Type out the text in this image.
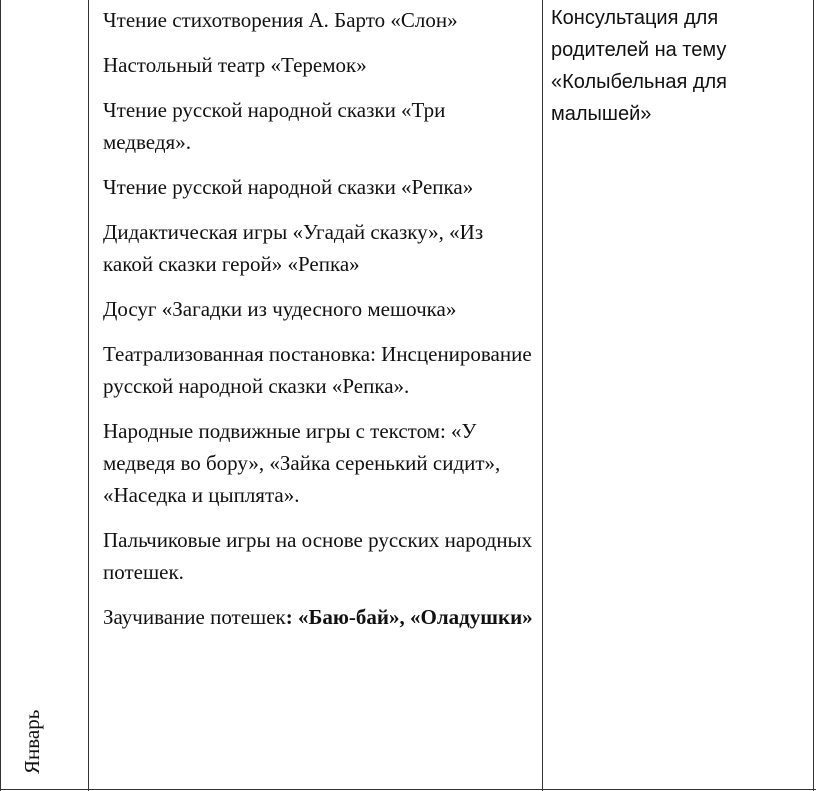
Январь
Чтение стихотворения А. Барто «Слон»
Настольный театр «Теремок»
Чтение русской народной сказки «Три медведя».
Чтение русской народной сказки «Репка»
Дидактическая игры «Угадай сказку», «Из какой сказки герой» «Репка»
Досуг «Загадки из чудесного мешочка»
Театрализованная постановка: Инсценирование русской народной сказки «Репка».
Народные подвижные игры с текстом: «У медведя во бору», «Зайка серенький сидит», «Наседка и цыплята».
Пальчиковые игры на основе русских народных потешек.
Заучивание потешек: «Баю-бай», «Оладушки»

Консультация для родителей на тему «Колыбельная для малышей»
